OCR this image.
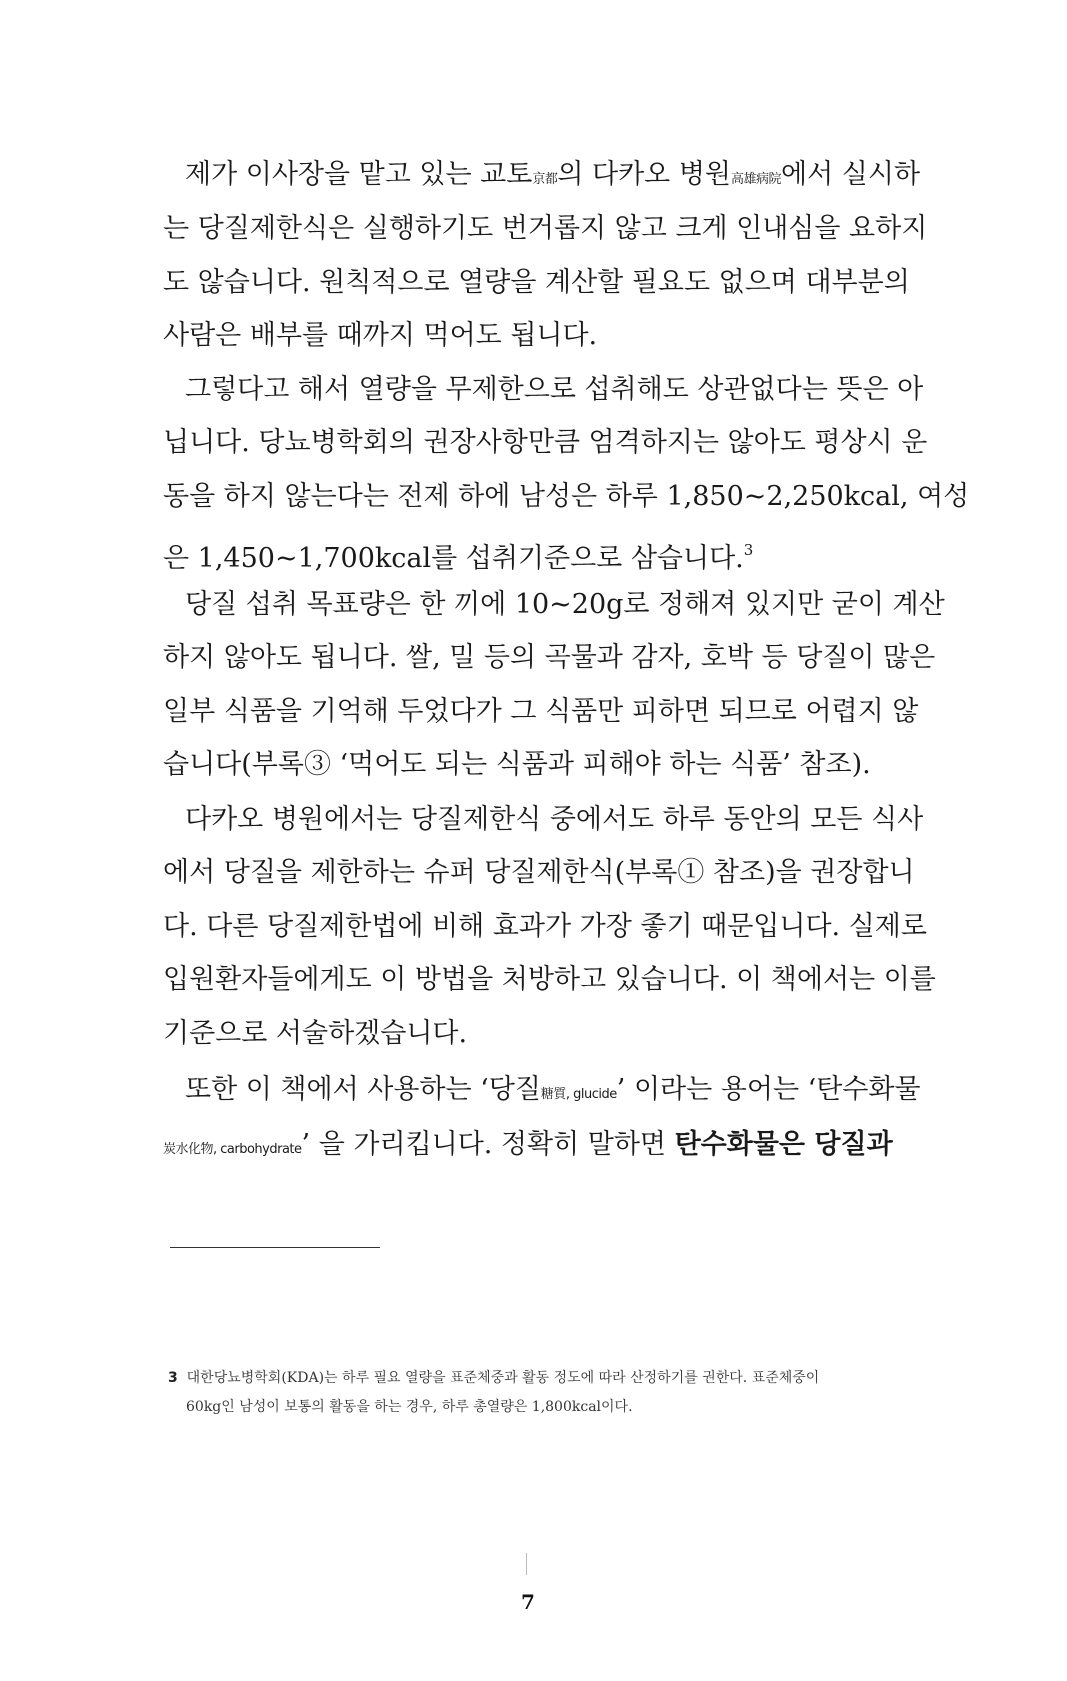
제가 이사장을 맡고 있는 교토京都의 다카오 병원高雄病院에서 실시하
는 당질제한식은 실행하기도 번거롭지 않고 크게 인내심을 요하지
도 않습니다. 원칙적으로 열량을 계산할 필요도 없으며 대부분의
사람은 배부를 때까지 먹어도 됩니다.
그렇다고 해서 열량을 무제한으로 섭취해도 상관없다는 뜻은 아
닙니다. 당뇨병학회의 권장사항만큼 엄격하지는 않아도 평상시 운
동을 하지 않는다는 전제 하에 남성은 하루 1,850~2,250kcal, 여성
은 1,450~1,700kcal를 섭취기준으로 삼습니다.$^3$
당질 섭취 목표량은 한 끼에 10~20g로 정해져 있지만 굳이 계산
하지 않아도 됩니다. 쌀, 밀 등의 곡물과 감자, 호박 등 당질이 많은
일부 식품을 기억해 두었다가 그 식품만 피하면 되므로 어렵지 않
습니다(부록③ ‘먹어도 되는 식품과 피해야 하는 식품’ 참조).
다카오 병원에서는 당질제한식 중에서도 하루 동안의 모든 식사
에서 당질을 제한하는 슈퍼 당질제한식(부록① 참조)을 권장합니
다. 다른 당질제한법에 비해 효과가 가장 좋기 때문입니다. 실제로
입원환자들에게도 이 방법을 처방하고 있습니다. 이 책에서는 이를
기준으로 서술하겠습니다.
또한 이 책에서 사용하는 ‘당질糖質, glucide’ 이라는 용어는 ‘탄수화물
炭水化物, carbohydrate’ 을 가리킵니다. 정확히 말하면 탄수화물은 당질과
3 대한당뇨병학회(KDA)는 하루 필요 열량을 표준체중과 활동 정도에 따라 산정하기를 권한다. 표준체중이
60kg인 남성이 보통의 활동을 하는 경우, 하루 총열량은 1,800kcal이다.
7
